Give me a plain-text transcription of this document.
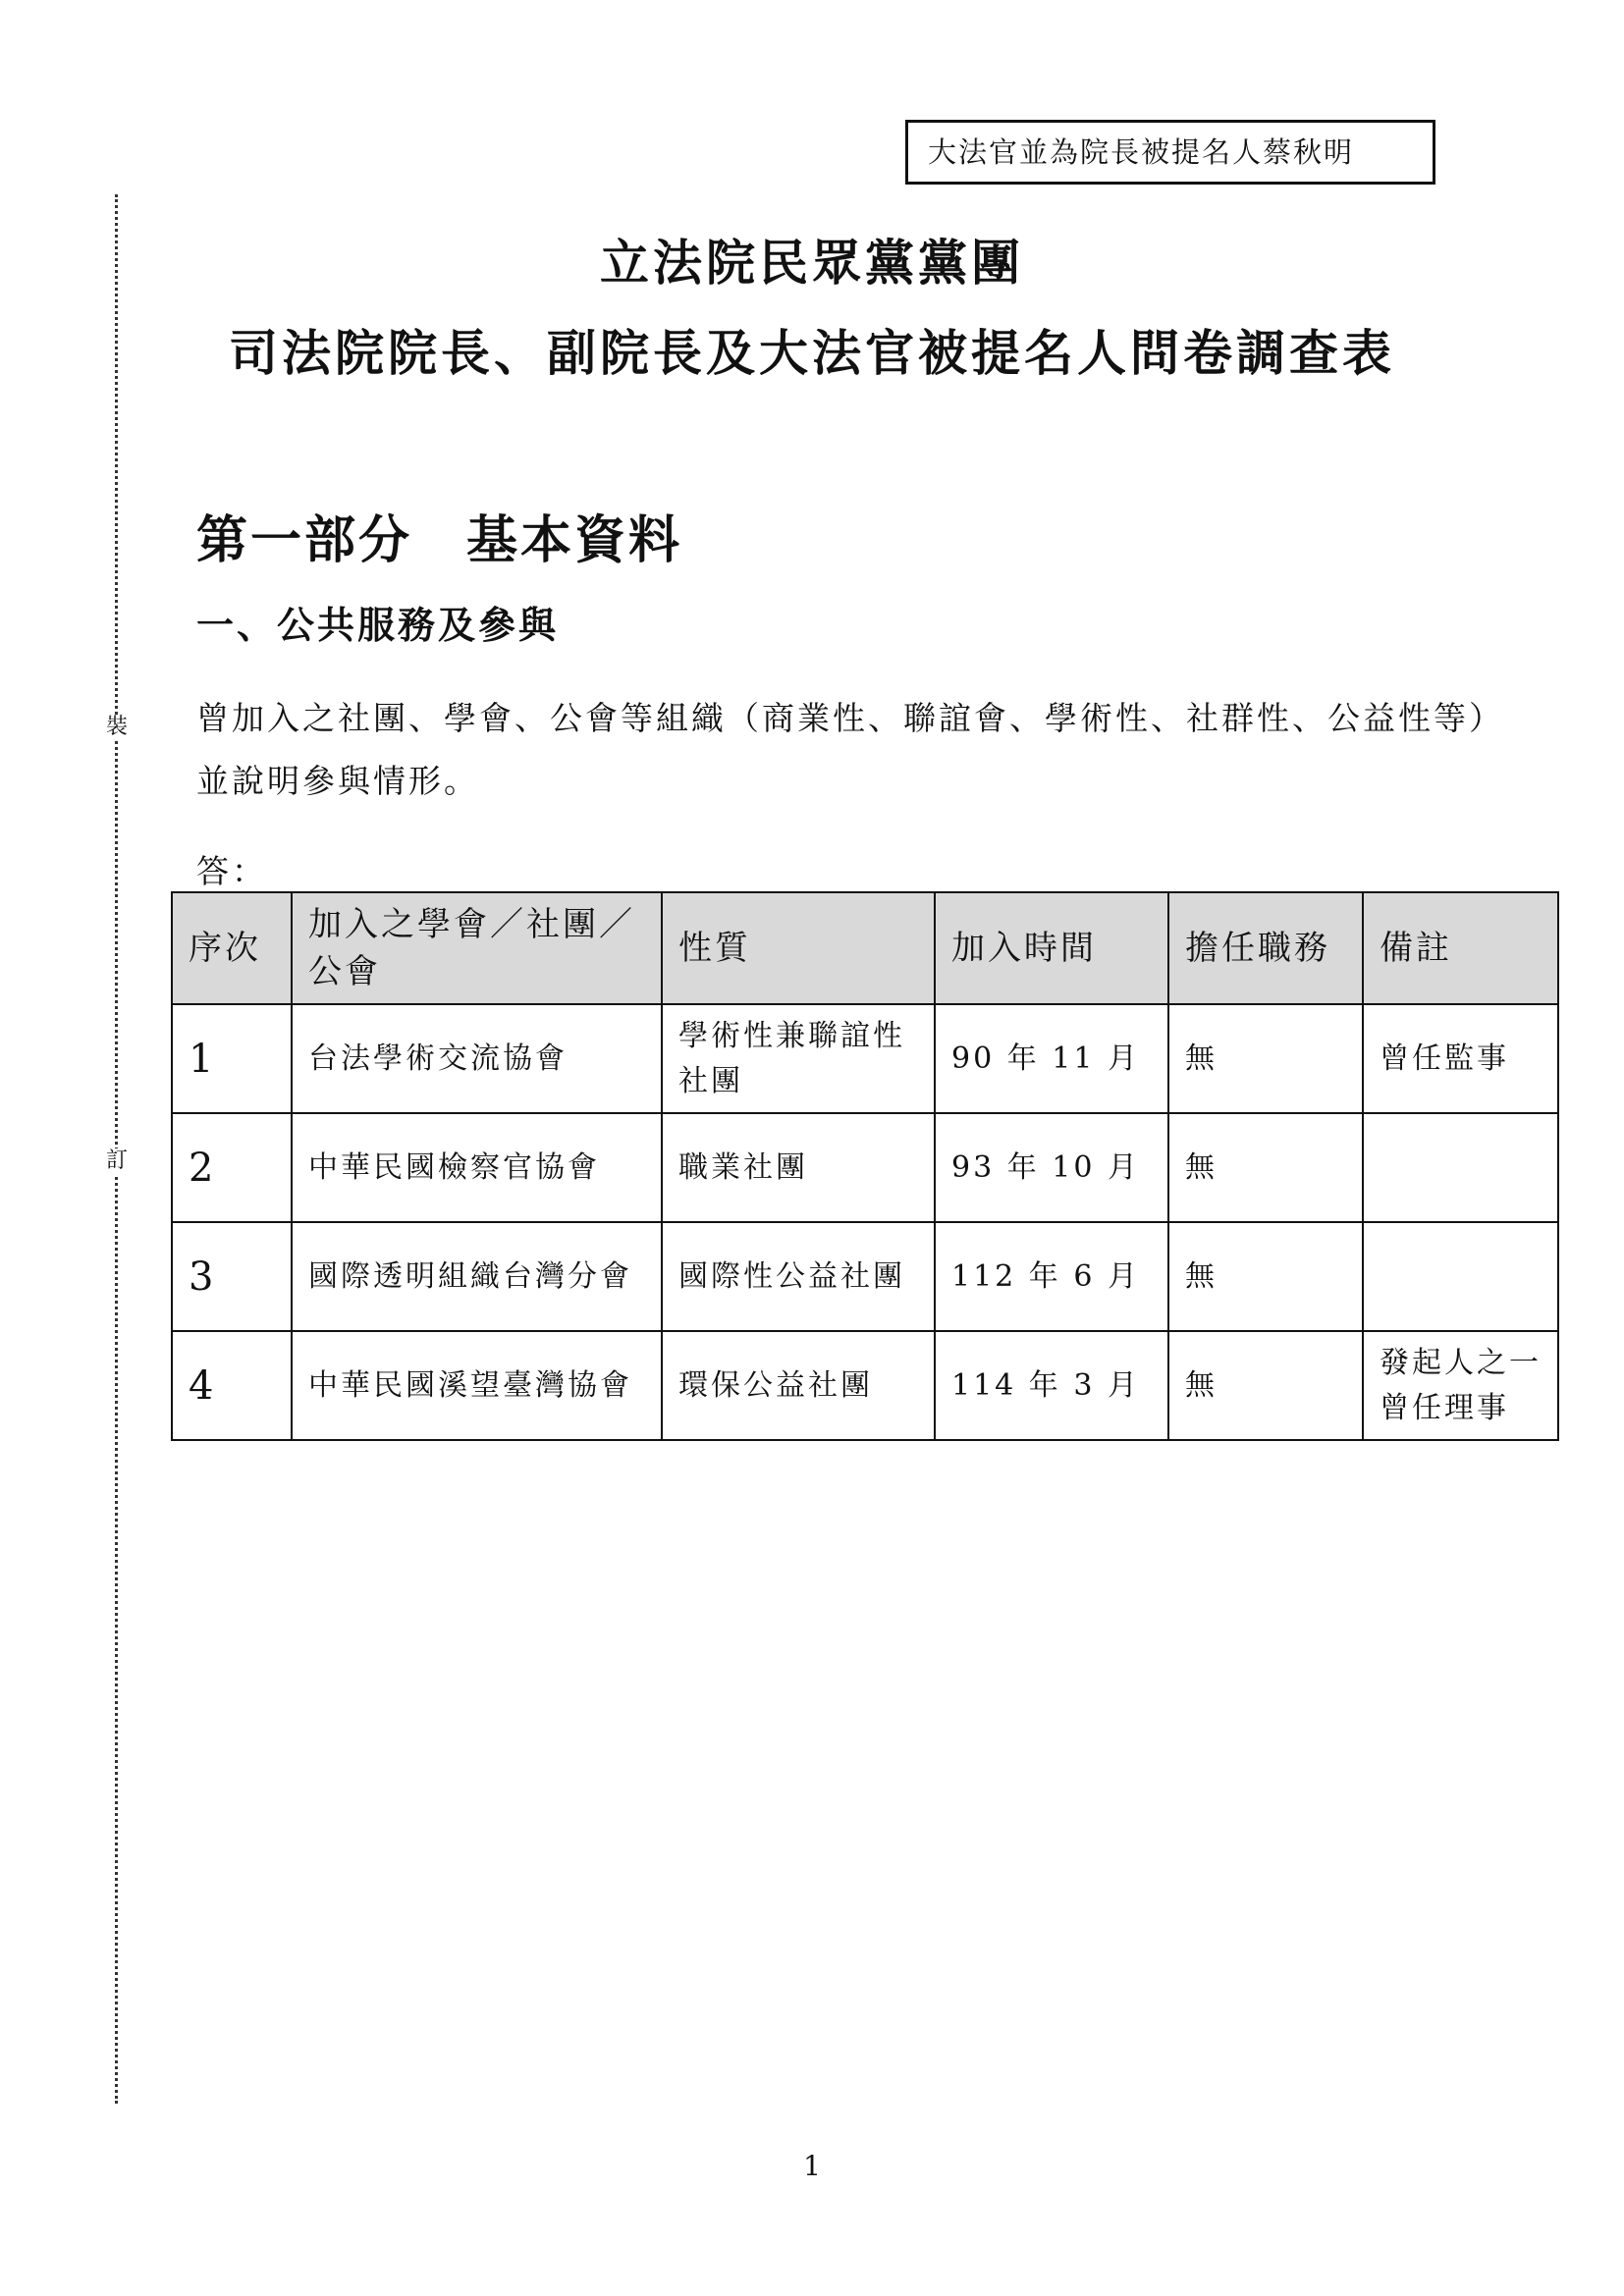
大法官並為院長被提名人蔡秋明
裝
訂
立法院民眾黨黨團
司法院院長、副院長及大法官被提名人問卷調查表
第一部分　基本資料
一、公共服務及參與
曾加入之社團、學會、公會等組織（商業性、聯誼會、學術性、社群性、公益性等）
並說明參與情形。
答：
序次	加入之學會／社團／公會	性質	加入時間	擔任職務	備註
1	台法學術交流協會	學術性兼聯誼性社團	90 年 11 月	無	曾任監事
2	中華民國檢察官協會	職業社團	93 年 10 月	無	
3	國際透明組織台灣分會	國際性公益社團	112 年 6 月	無	
4	中華民國溪望臺灣協會	環保公益社團	114 年 3 月	無	發起人之一曾任理事
1
